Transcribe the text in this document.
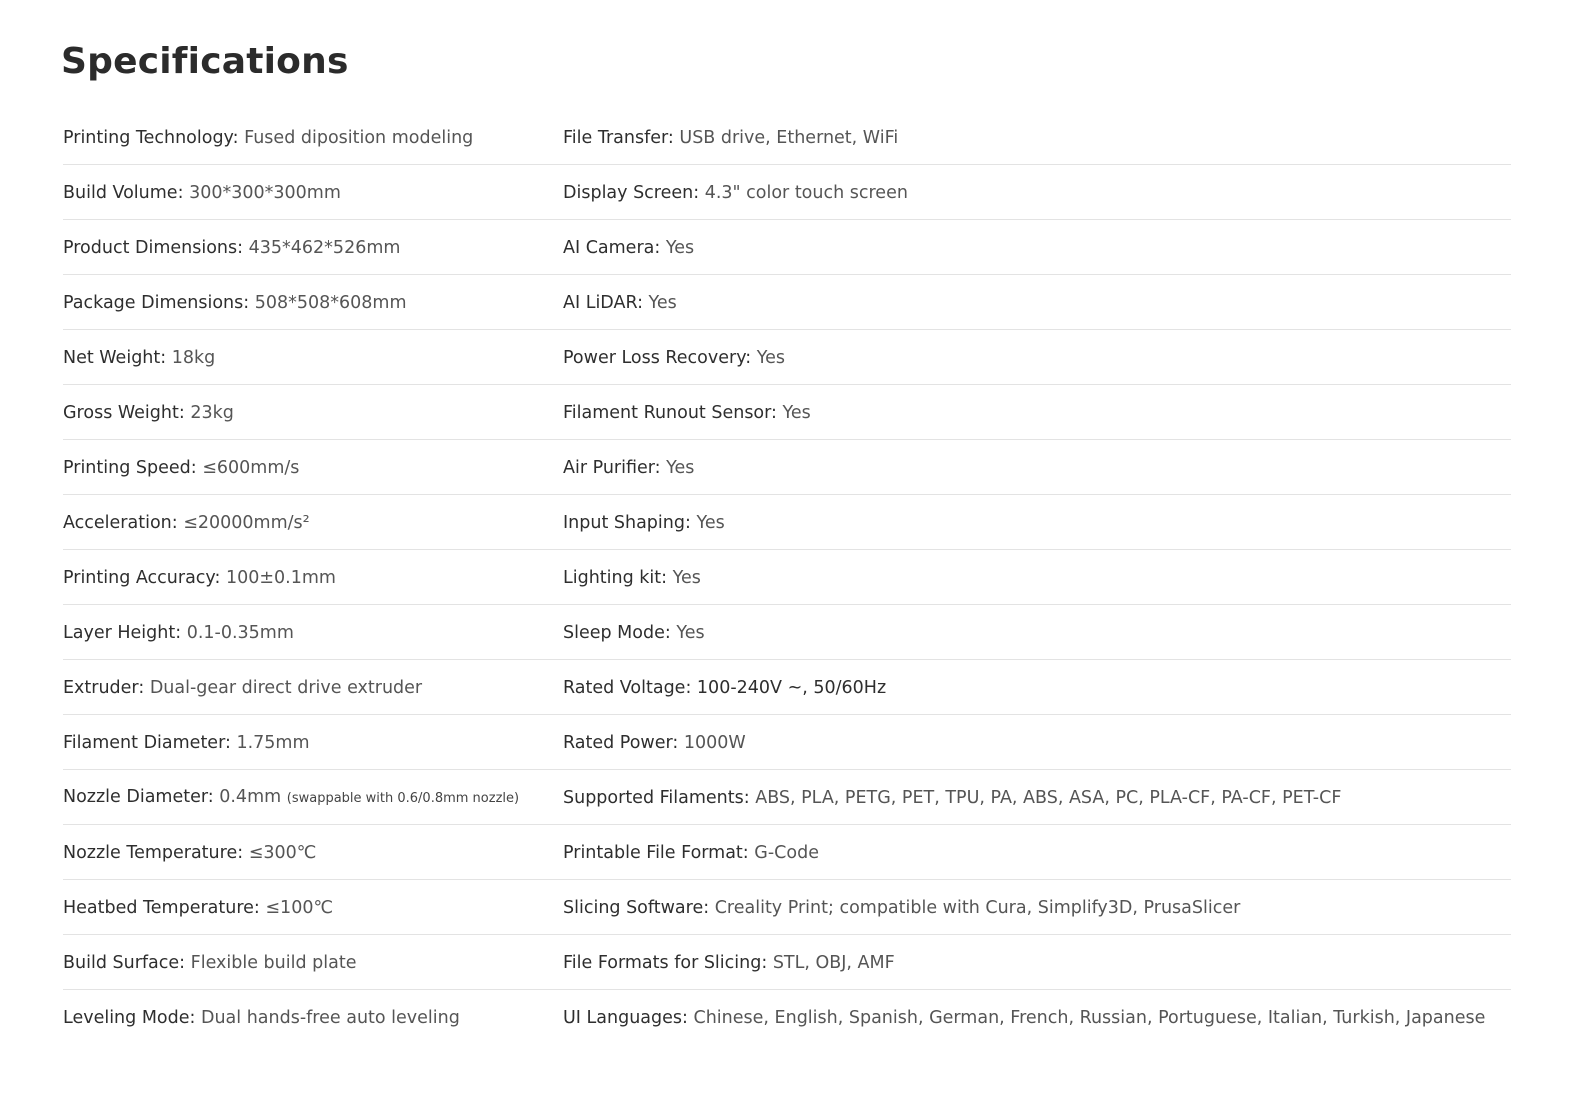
Specifications
Printing Technology: Fused diposition modeling	File Transfer: USB drive, Ethernet, WiFi
Build Volume: 300*300*300mm	Display Screen: 4.3" color touch screen
Product Dimensions: 435*462*526mm	AI Camera: Yes
Package Dimensions: 508*508*608mm	AI LiDAR: Yes
Net Weight: 18kg	Power Loss Recovery: Yes
Gross Weight: 23kg	Filament Runout Sensor: Yes
Printing Speed: ≤600mm/s	Air Purifier: Yes
Acceleration: ≤20000mm/s²	Input Shaping: Yes
Printing Accuracy: 100±0.1mm	Lighting kit: Yes
Layer Height: 0.1-0.35mm	Sleep Mode: Yes
Extruder: Dual-gear direct drive extruder	Rated Voltage: 100-240V ~, 50/60Hz
Filament Diameter: 1.75mm	Rated Power: 1000W
Nozzle Diameter: 0.4mm (swappable with 0.6/0.8mm nozzle)	Supported Filaments: ABS, PLA, PETG, PET, TPU, PA, ABS, ASA, PC, PLA-CF, PA-CF, PET-CF
Nozzle Temperature: ≤300℃	Printable File Format: G-Code
Heatbed Temperature: ≤100℃	Slicing Software: Creality Print; compatible with Cura, Simplify3D, PrusaSlicer
Build Surface: Flexible build plate	File Formats for Slicing: STL, OBJ, AMF
Leveling Mode: Dual hands-free auto leveling	UI Languages: Chinese, English, Spanish, German, French, Russian, Portuguese, Italian, Turkish, Japanese
